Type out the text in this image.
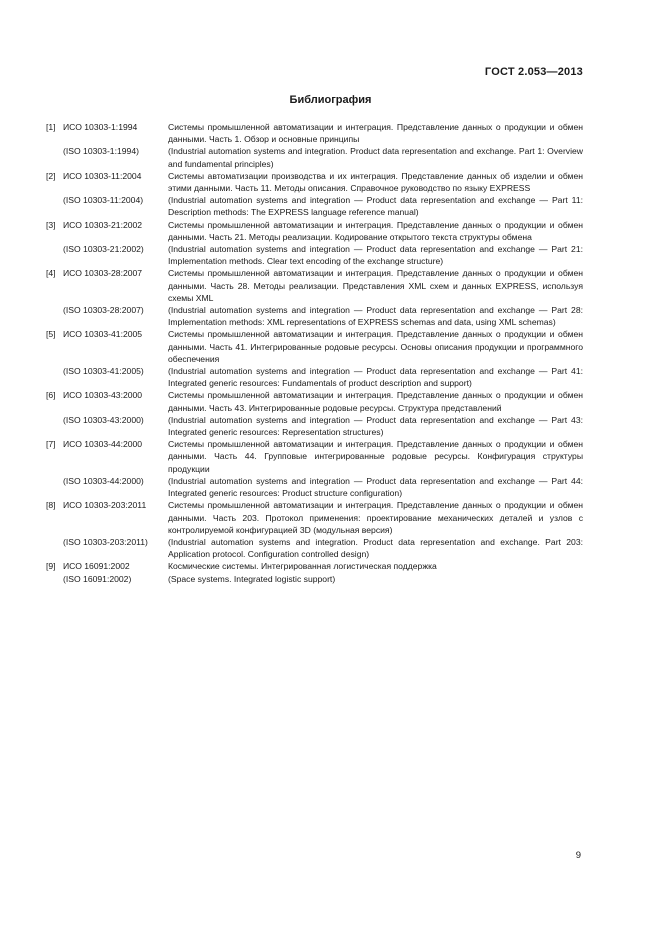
ГОСТ 2.053—2013
Библиография
[1] ИСО 10303-1:1994	Системы промышленной автоматизации и интеграция. Представление данных о продукции и обмен данными. Часть 1. Обзор и основные принципы
(ISO 10303-1:1994)	(Industrial automation systems and integration. Product data representation and exchange. Part 1: Overview and fundamental principles)
[2] ИСО 10303-11:2004	Системы автоматизации производства и их интеграция. Представление данных об изделии и обмен этими данными. Часть 11. Методы описания. Справочное руководство по языку EXPRESS
(ISO 10303-11:2004)	(Industrial automation systems and integration — Product data representation and exchange — Part 11: Description methods: The EXPRESS language reference manual)
[3] ИСО 10303-21:2002	Системы промышленной автоматизации и интеграция. Представление данных о продукции и обмен данными. Часть 21. Методы реализации. Кодирование открытого текста структуры обмена
(ISO 10303-21:2002)	(Industrial automation systems and integration — Product data representation and exchange — Part 21: Implementation methods. Clear text encoding of the exchange structure)
[4] ИСО 10303-28:2007	Системы промышленной автоматизации и интеграция. Представление данных о продукции и обмен данными. Часть 28. Методы реализации. Представления XML схем и данных EXPRESS, используя схемы XML
(ISO 10303-28:2007)	(Industrial automation systems and integration — Product data representation and exchange — Part 28: Implementation methods: XML representations of EXPRESS schemas and data, using XML schemas)
[5] ИСО 10303-41:2005	Системы промышленной автоматизации и интеграция. Представление данных о продукции и обмен данными. Часть 41. Интегрированные родовые ресурсы. Основы описания продукции и программного обеспечения
(ISO 10303-41:2005)	(Industrial automation systems and integration — Product data representation and exchange — Part 41: Integrated generic resources: Fundamentals of product description and support)
[6] ИСО 10303-43:2000	Системы промышленной автоматизации и интеграция. Представление данных о продукции и обмен данными. Часть 43. Интегрированные родовые ресурсы. Структура представлений
(ISO 10303-43:2000)	(Industrial automation systems and integration — Product data representation and exchange — Part 43: Integrated generic resources: Representation structures)
[7] ИСО 10303-44:2000	Системы промышленной автоматизации и интеграция. Представление данных о продукции и обмен данными. Часть 44. Групповые интегрированные родовые ресурсы. Конфигурация структуры продукции
(ISO 10303-44:2000)	(Industrial automation systems and integration — Product data representation and exchange — Part 44: Integrated generic resources: Product structure configuration)
[8] ИСО 10303-203:2011	Системы промышленной автоматизации и интеграция. Представление данных о продукции и обмен данными. Часть 203. Протокол применения: проектирование механических деталей и узлов с контролируемой конфигурацией 3D (модульная версия)
(ISO 10303-203:2011)	(Industrial automation systems and integration. Product data representation and exchange. Part 203: Application protocol. Configuration controlled design)
[9] ИСО 16091:2002	Космические системы. Интегрированная логистическая поддержка
(ISO 16091:2002)	(Space systems. Integrated logistic support)
9
